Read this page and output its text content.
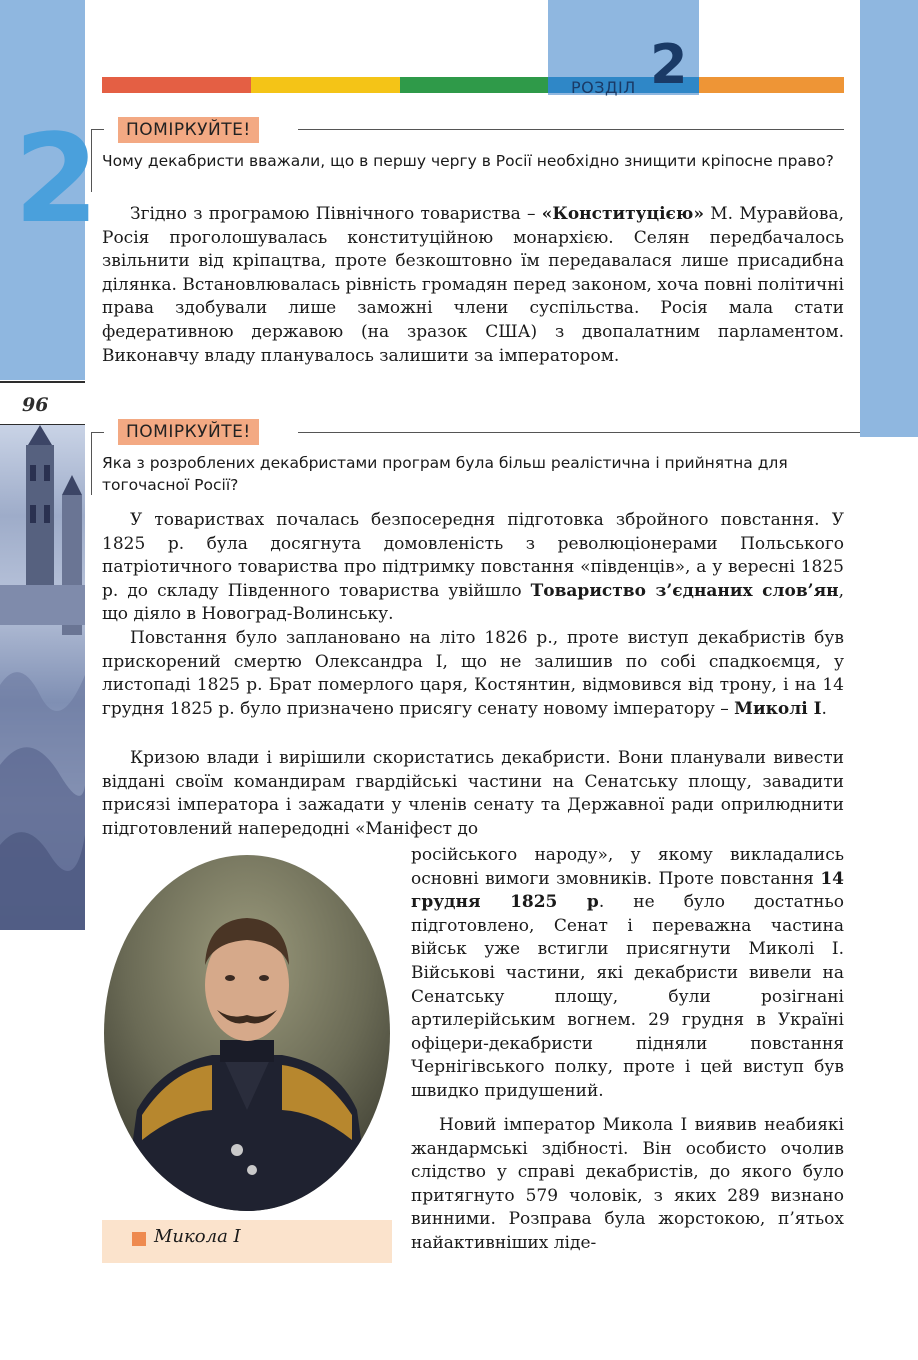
2
96
РОЗДІЛ 2
ПОМІРКУЙТЕ!
Чому декабристи вважали, що в першу чергу в Росії необхідно знищити кріпосне право?

Згідно з програмою Північного товариства – «Конституцією» М. Муравйова, Росія проголошувалась конституційною монархією. Селян передбачалось звільнити від кріпацтва, проте безкоштовно їм передавалася лише присадибна ділянка. Встановлювалась рівність громадян перед законом, хоча повні політичні права здобували лише заможні члени суспільства. Росія мала стати федеративною державою (на зразок США) з двопалатним парламентом. Виконавчу владу планувалось залишити за імператором.

ПОМІРКУЙТЕ!
Яка з розроблених декабристами програм була більш реалістична і прийнятна для тогочасної Росії?

У товариствах почалась безпосередня підготовка збройного повстання. У 1825 р. була досягнута домовленість з революціонерами Польського патріотичного товариства про підтримку повстання «південців», а у вересні 1825 р. до складу Південного товариства увійшло Товариство з’єднаних слов’ян, що діяло в Новоград-Волинську.

Повстання було заплановано на літо 1826 р., проте виступ декабристів був прискорений смертю Олександра I, що не залишив по собі спадкоємця, у листопаді 1825 р. Брат померлого царя, Костянтин, відмовився від трону, і на 14 грудня 1825 р. було призначено присягу сенату новому імператору – Миколі I.

Кризою влади і вирішили скористатись декабристи. Вони планували вивести віддані своїм командирам гвардійські частини на Сенатську площу, завадити присязі імператора і зажадати у членів сенату та Державної ради оприлюднити підготовлений напередодні «Маніфест до

російського народу», у якому викладались основні вимоги змовників. Проте повстання 14 грудня 1825 р. не було достатньо підготовлено, Сенат і переважна частина військ уже встигли присягнути Миколі I. Військові частини, які декабристи вивели на Сенатську площу, були розігнані артилерійським вогнем. 29 грудня в Україні офіцери-декабристи підняли повстання Чернігівського полку, проте і цей виступ був швидко придушений.

Новий імператор Микола I виявив неабиякі жандармські здібності. Він особисто очолив слідство у справі декабристів, до якого було притягнуто 579 чоловік, з яких 289 визнано винними. Розправа була жорстокою, п’ятьох найактивніших ліде-

Микола I
